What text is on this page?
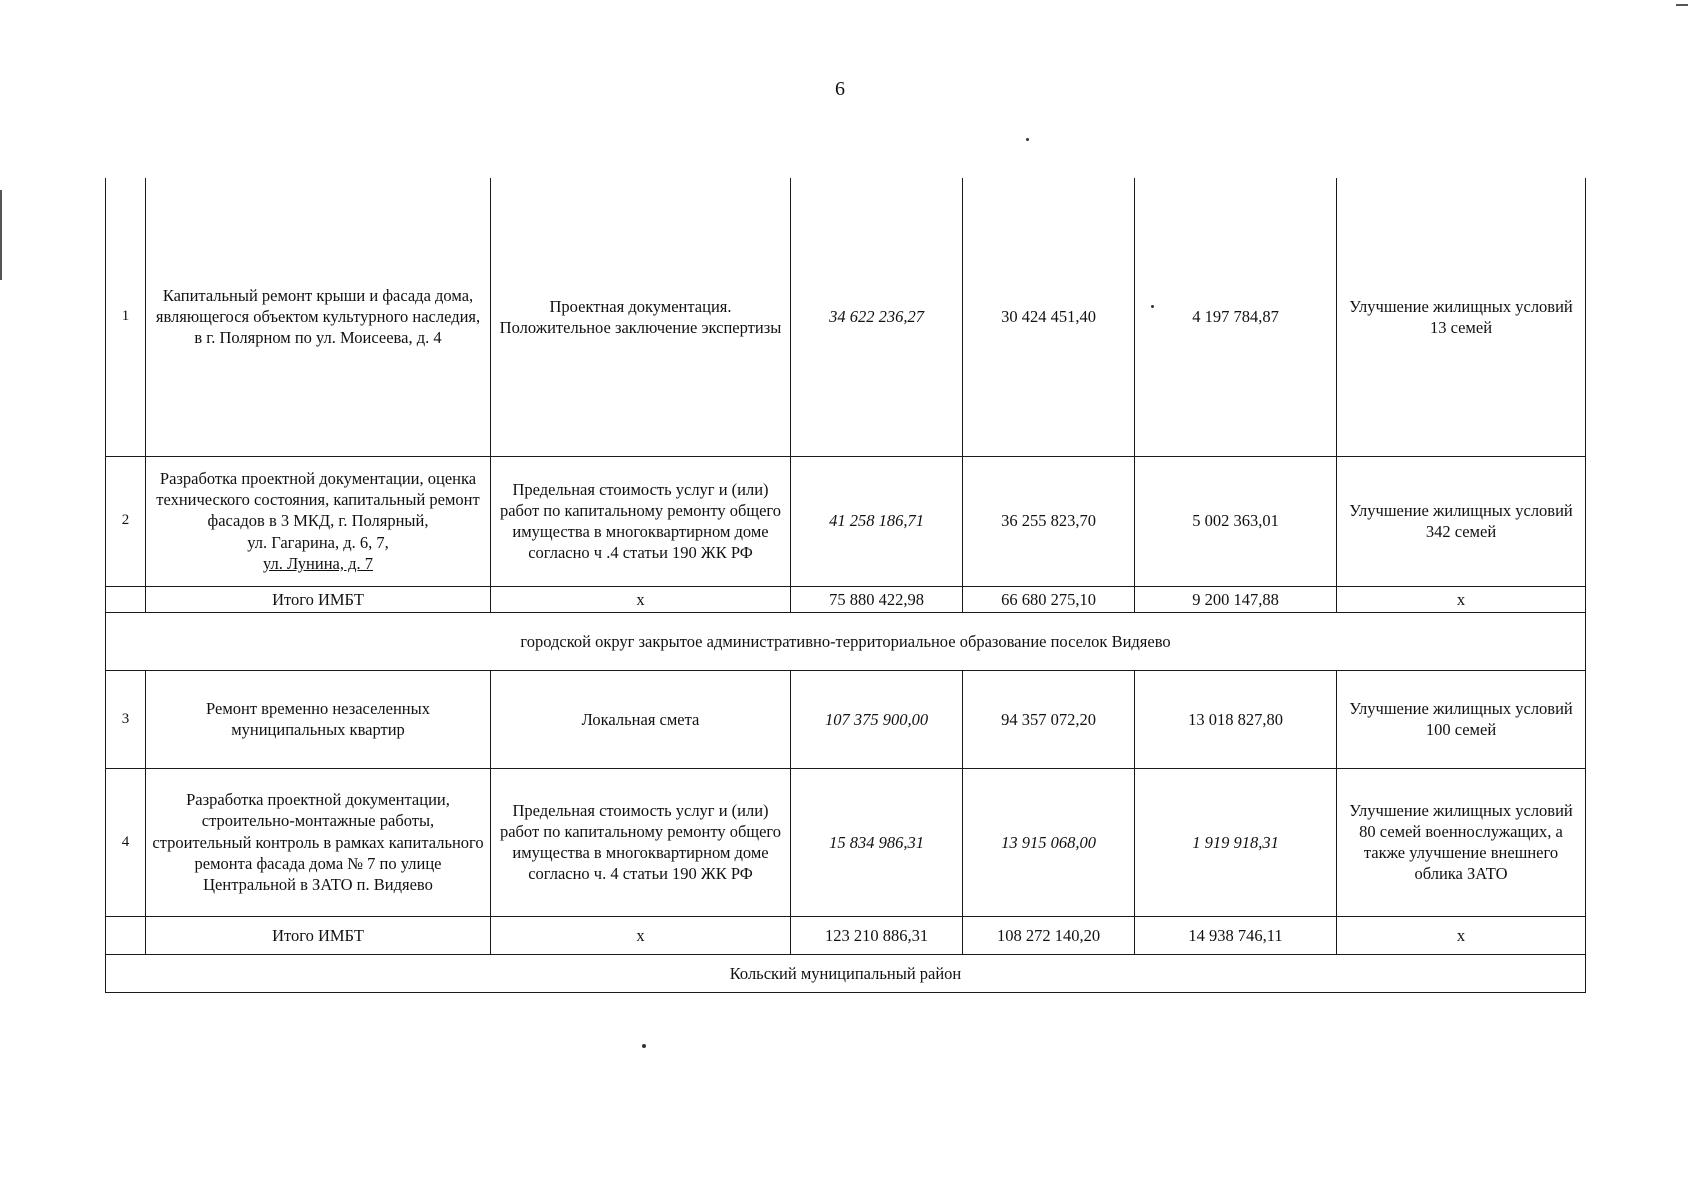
6
1	Капитальный ремонт крыши и фасада дома, являющегося объектом культурного наследия, в г. Полярном по ул. Моисеева, д. 4	Проектная документация. Положительное заключение экспертизы	34 622 236,27	30 424 451,40	4 197 784,87	Улучшение жилищных условий 13 семей
2	Разработка проектной документации, оценка технического состояния, капитальный ремонт фасадов в 3 МКД, г. Полярный,
ул. Гагарина, д. 6, 7,
ул. Лунина, д. 7	Предельная стоимость услуг и (или) работ по капитальному ремонту общего имущества в многоквартирном доме согласно ч .4 статьи 190 ЖК РФ	41 258 186,71	36 255 823,70	5 002 363,01	Улучшение жилищных условий 342 семей
	Итого ИМБТ	x	75 880 422,98	66 680 275,10	9 200 147,88	x
городской округ закрытое административно-территориальное образование поселок Видяево						
3	Ремонт временно незаселенных муниципальных квартир	Локальная смета	107 375 900,00	94 357 072,20	13 018 827,80	Улучшение жилищных условий 100 семей
4	Разработка проектной документации, строительно-монтажные работы, строительный контроль в рамках капитального ремонта фасада дома № 7 по улице Центральной в ЗАТО п. Видяево	Предельная стоимость услуг и (или) работ по капитальному ремонту общего имущества в многоквартирном доме согласно ч. 4 статьи 190 ЖК РФ	15 834 986,31	13 915 068,00	1 919 918,31	Улучшение жилищных условий 80 семей военнослужащих, а также улучшение внешнего облика ЗАТО
	Итого ИМБТ	x	123 210 886,31	108 272 140,20	14 938 746,11	x
Кольский муниципальный район						
